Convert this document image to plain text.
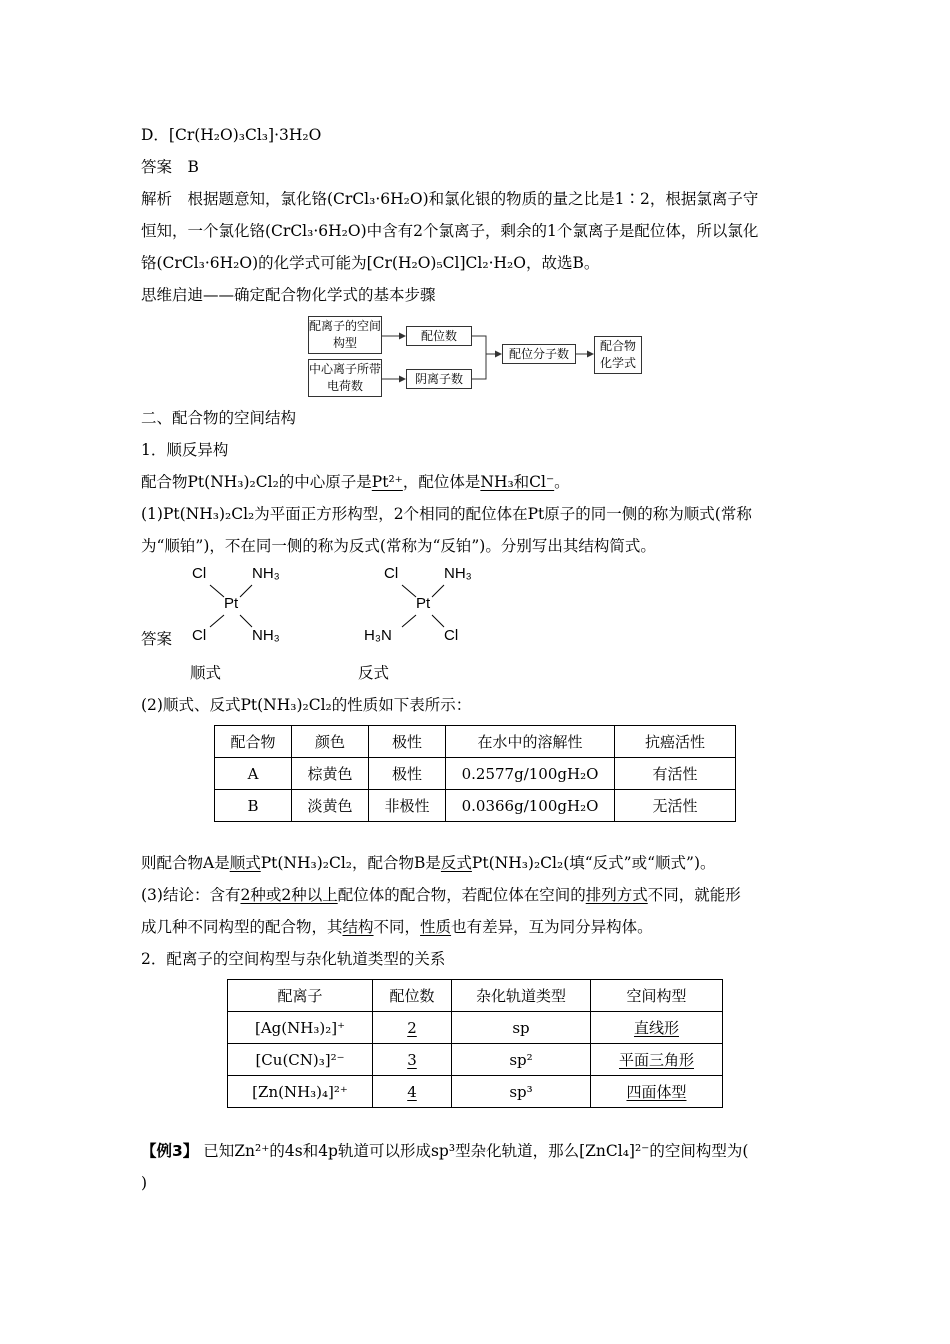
D．[Cr(H₂O)₃Cl₃]·3H₂O
答案　B
解析　根据题意知，氯化铬(CrCl₃·6H₂O)和氯化银的物质的量之比是1∶2，根据氯离子守
恒知，一个氯化铬(CrCl₃·6H₂O)中含有2个氯离子，剩余的1个氯离子是配位体，所以氯化
铬(CrCl₃·6H₂O)的化学式可能为[Cr(H₂O)₅Cl]Cl₂·H₂O，故选B。
思维启迪——确定配合物化学式的基本步骤
配离子的空间构型
中心离子所带电荷数
配位数
阴离子数
配位分子数
配合物化学式
二、配合物的空间结构
1．顺反异构
配合物Pt(NH₃)₂Cl₂的中心原子是Pt²⁺，配位体是NH₃和Cl⁻。
(1)Pt(NH₃)₂Cl₂为平面正方形构型，2个相同的配位体在Pt原子的同一侧的称为顺式(常称
为“顺铂”)，不在同一侧的称为反式(常称为“反铂”)。分别写出其结构简式。
答案
Cl	NH₃
Pt
Cl	NH₃
顺式
Cl	NH₃
Pt
H₃N	Cl
反式
(2)顺式、反式Pt(NH₃)₂Cl₂的性质如下表所示：
配合物	颜色	极性	在水中的溶解性	抗癌活性
A	棕黄色	极性	0.2577g/100gH₂O	有活性
B	淡黄色	非极性	0.0366g/100gH₂O	无活性
则配合物A是顺式Pt(NH₃)₂Cl₂，配合物B是反式Pt(NH₃)₂Cl₂(填“反式”或“顺式”)。
(3)结论：含有2种或2种以上配位体的配合物，若配位体在空间的排列方式不同，就能形
成几种不同构型的配合物，其结构不同，性质也有差异，互为同分异构体。
2．配离子的空间构型与杂化轨道类型的关系
配离子	配位数	杂化轨道类型	空间构型
[Ag(NH₃)₂]⁺	2	sp	直线形
[Cu(CN)₃]²⁻	3	sp²	平面三角形
[Zn(NH₃)₄]²⁺	4	sp³	四面体型
【例3】 已知Zn²⁺的4s和4p轨道可以形成sp³型杂化轨道，那么[ZnCl₄]²⁻的空间构型为(
)
